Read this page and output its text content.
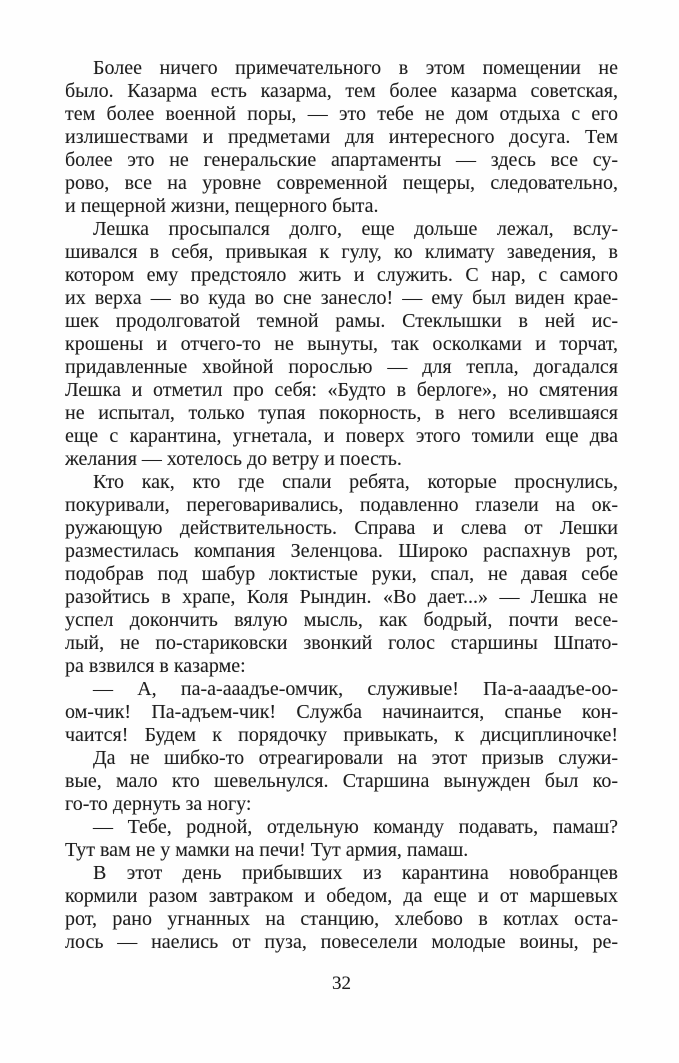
Более ничего примечательного в этом помещении не
было. Казарма есть казарма, тем более казарма советская,
тем более военной поры, — это тебе не дом отдыха с его
излишествами и предметами для интересного досуга. Тем
более это не генеральские апартаменты — здесь все су-
рово, все на уровне современной пещеры, следовательно,
и пещерной жизни, пещерного быта.
Лешка просыпался долго, еще дольше лежал, вслу-
шивался в себя, привыкая к гулу, ко климату заведения, в
котором ему предстояло жить и служить. С нар, с самого
их верха — во куда во сне занесло! — ему был виден крае-
шек продолговатой темной рамы. Стеклышки в ней ис-
крошены и отчего-то не вынуты, так осколками и торчат,
придавленные хвойной порослью — для тепла, догадался
Лешка и отметил про себя: «Будто в берлоге», но смятения
не испытал, только тупая покорность, в него вселившаяся
еще с карантина, угнетала, и поверх этого томили еще два
желания — хотелось до ветру и поесть.
Кто как, кто где спали ребята, которые проснулись,
покуривали, переговаривались, подавленно глазели на ок-
ружающую действительность. Справа и слева от Лешки
разместилась компания Зеленцова. Широко распахнув рот,
подобрав под шабур локтистые руки, спал, не давая себе
разойтись в храпе, Коля Рындин. «Во дает...» — Лешка не
успел докончить вялую мысль, как бодрый, почти весе-
лый, не по-стариковски звонкий голос старшины Шпато-
ра взвился в казарме:
— А, па-а-ааадъе-омчик, служивые! Па-а-ааадъе-оо-
ом-чик! Па-адъем-чик! Служба начинаится, спанье кон-
чаится! Будем к порядочку привыкать, к дисциплиночке!
Да не шибко-то отреагировали на этот призыв служи-
вые, мало кто шевельнулся. Старшина вынужден был ко-
го-то дернуть за ногу:
— Тебе, родной, отдельную команду подавать, памаш?
Тут вам не у мамки на печи! Тут армия, памаш.
В этот день прибывших из карантина новобранцев
кормили разом завтраком и обедом, да еще и от маршевых
рот, рано угнанных на станцию, хлебово в котлах оста-
лось — наелись от пуза, повеселели молодые воины, ре-
32
